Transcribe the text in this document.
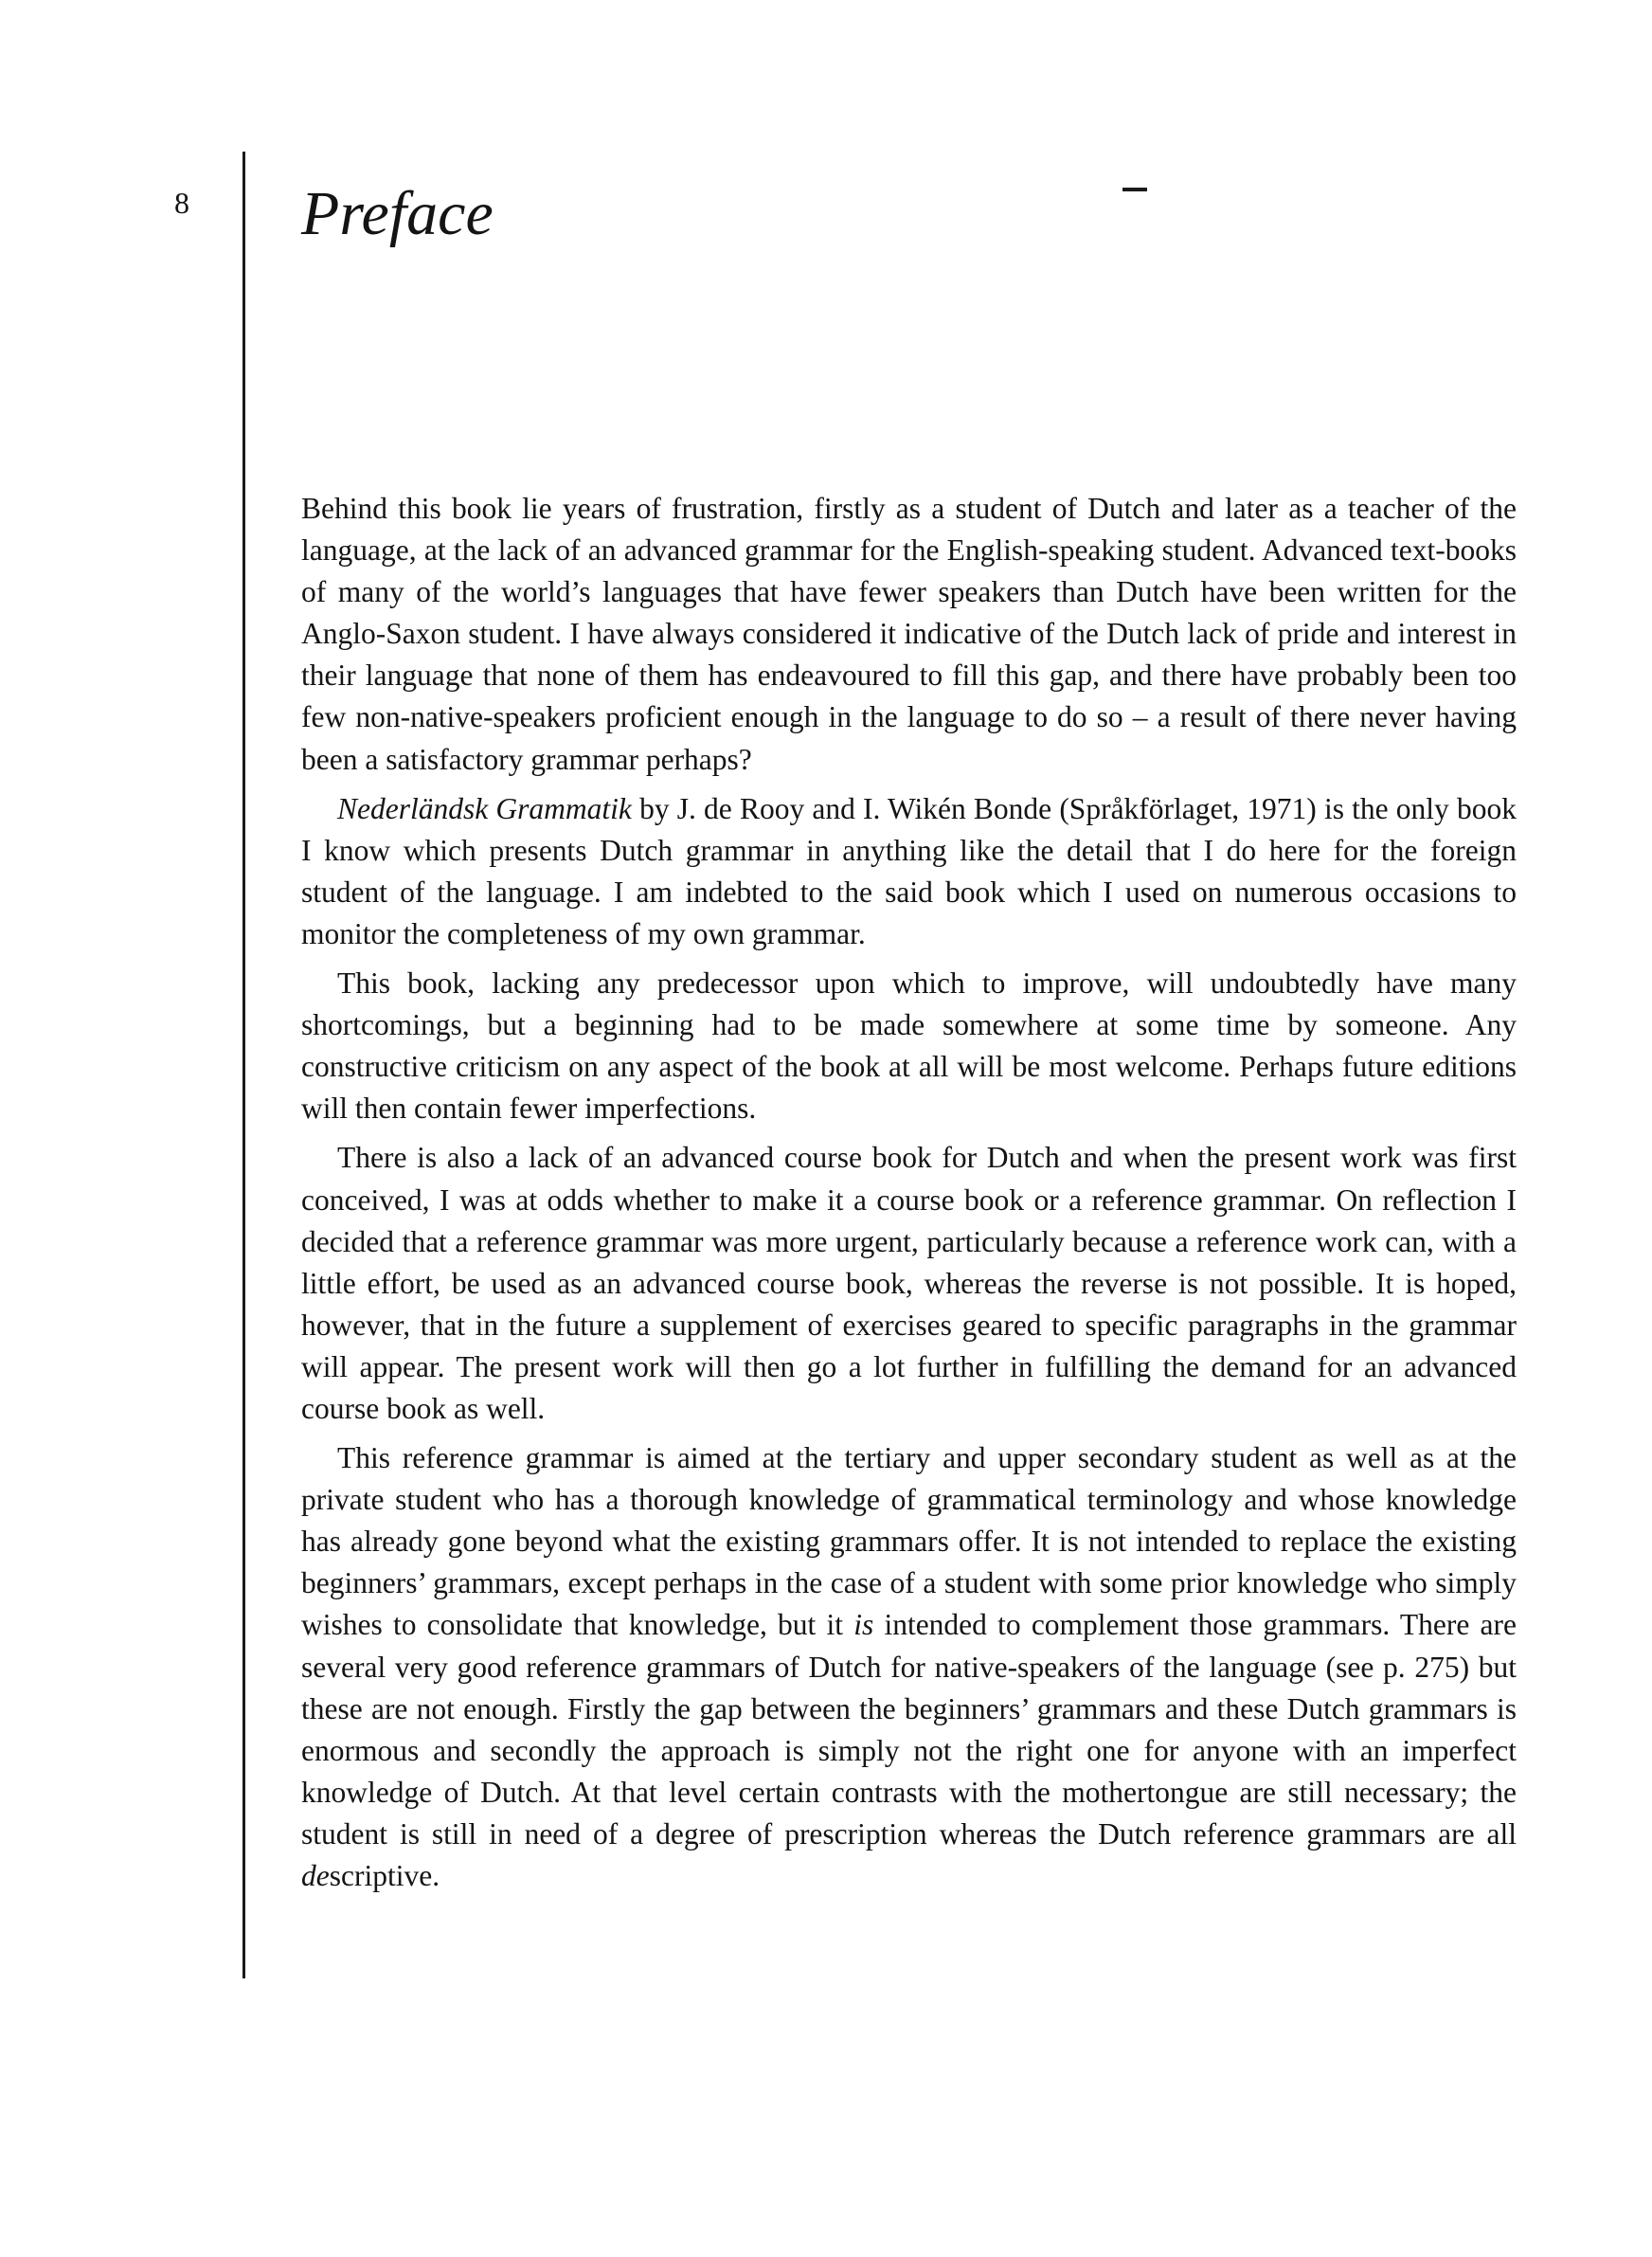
8 Preface

Behind this book lie years of frustration, firstly as a student of Dutch and later as a teacher of the language, at the lack of an advanced grammar for the English-speaking student. Advanced text-books of many of the world’s languages that have fewer speakers than Dutch have been written for the Anglo-Saxon student. I have always considered it indicative of the Dutch lack of pride and interest in their language that none of them has endeavoured to fill this gap, and there have probably been too few non-native-speakers proficient enough in the language to do so – a result of there never having been a satisfactory grammar perhaps?

Nederländsk Grammatik by J. de Rooy and I. Wikén Bonde (Språkförlaget, 1971) is the only book I know which presents Dutch grammar in anything like the detail that I do here for the foreign student of the language. I am indebted to the said book which I used on numerous occasions to monitor the completeness of my own grammar.

This book, lacking any predecessor upon which to improve, will undoubtedly have many shortcomings, but a beginning had to be made somewhere at some time by someone. Any constructive criticism on any aspect of the book at all will be most welcome. Perhaps future editions will then contain fewer imperfections.

There is also a lack of an advanced course book for Dutch and when the present work was first conceived, I was at odds whether to make it a course book or a reference grammar. On reflection I decided that a reference grammar was more urgent, particularly because a reference work can, with a little effort, be used as an advanced course book, whereas the reverse is not possible. It is hoped, however, that in the future a supplement of exercises geared to specific paragraphs in the grammar will appear. The present work will then go a lot further in fulfilling the demand for an advanced course book as well.

This reference grammar is aimed at the tertiary and upper secondary student as well as at the private student who has a thorough knowledge of grammatical terminology and whose knowledge has already gone beyond what the existing grammars offer. It is not intended to replace the existing beginners’ grammars, except perhaps in the case of a student with some prior knowledge who simply wishes to consolidate that knowledge, but it is intended to complement those grammars. There are several very good reference grammars of Dutch for native-speakers of the language (see p. 275) but these are not enough. Firstly the gap between the beginners’ grammars and these Dutch grammars is enormous and secondly the approach is simply not the right one for anyone with an imperfect knowledge of Dutch. At that level certain contrasts with the mothertongue are still necessary; the student is still in need of a degree of prescription whereas the Dutch reference grammars are all descriptive.
